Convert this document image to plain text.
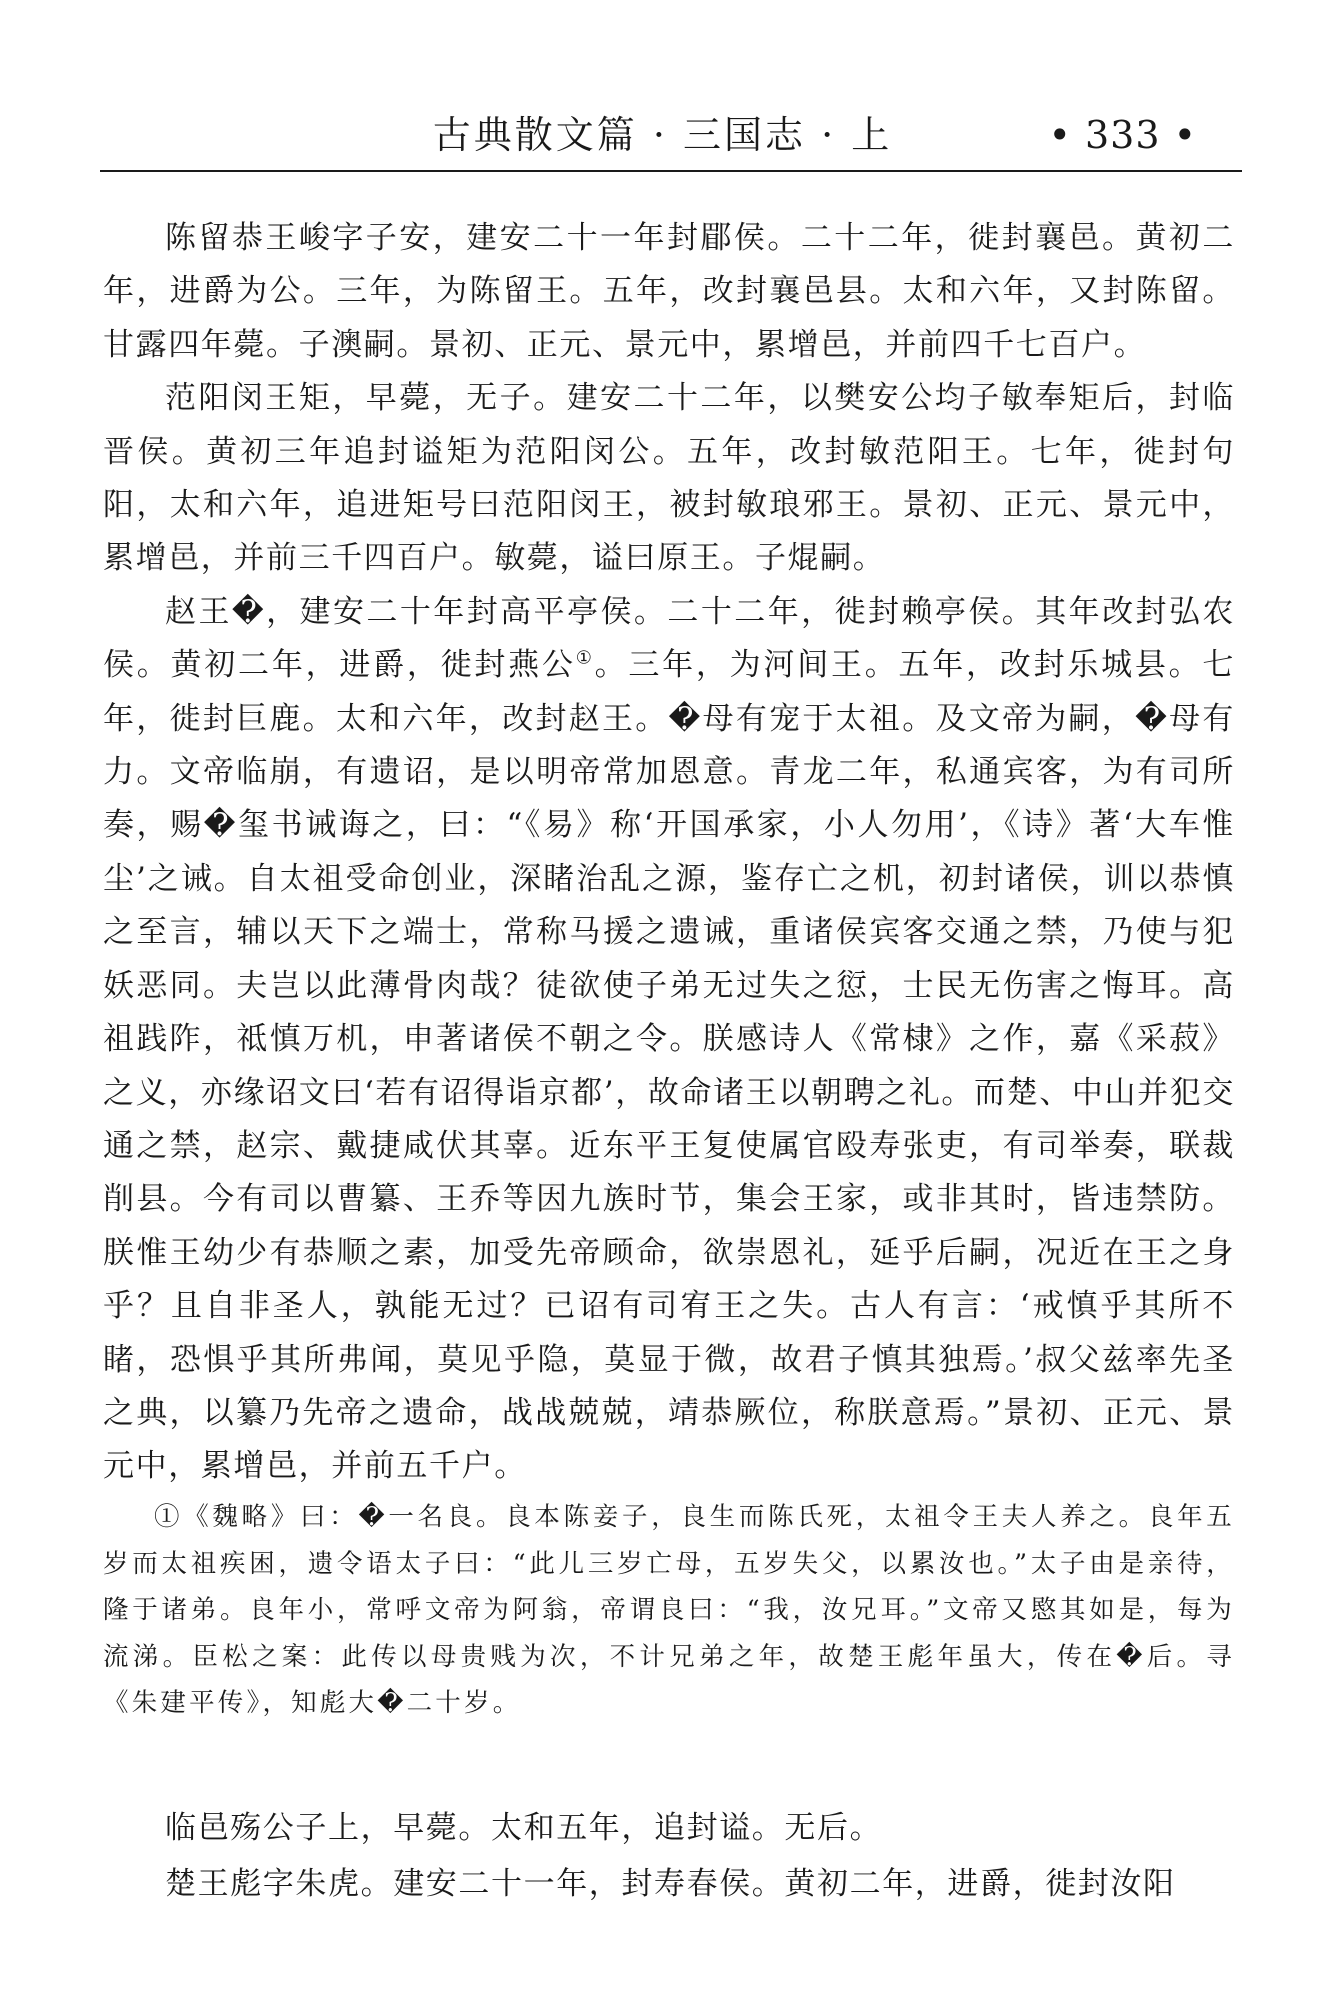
古典散文篇 · 三国志 · 上	• 333 •

陈留恭王峻字子安，建安二十一年封郿侯。二十二年，徙封襄邑。黄初二年，进爵为公。三年，为陈留王。五年，改封襄邑县。太和六年，又封陈留。甘露四年薨。子澳嗣。景初、正元、景元中，累增邑，并前四千七百户。

范阳闵王矩，早薨，无子。建安二十二年，以樊安公均子敏奉矩后，封临晋侯。黄初三年追封谥矩为范阳闵公。五年，改封敏范阳王。七年，徙封句阳，太和六年，追进矩号曰范阳闵王，被封敏琅邪王。景初、正元、景元中，累增邑，并前三千四百户。敏薨，谥曰原王。子焜嗣。

赵王�，建安二十年封高平亭侯。二十二年，徙封赖亭侯。其年改封弘农侯。黄初二年，进爵，徙封燕公①。三年，为河间王。五年，改封乐城县。七年，徙封巨鹿。太和六年，改封赵王。�母有宠于太祖。及文帝为嗣，�母有力。文帝临崩，有遗诏，是以明帝常加恩意。青龙二年，私通宾客，为有司所奏，赐�玺书诫诲之，曰：“《易》称‘开国承家，小人勿用’，《诗》著‘大车惟尘’之诫。自太祖受命创业，深睹治乱之源，鉴存亡之机，初封诸侯，训以恭慎之至言，辅以天下之端士，常称马援之遗诫，重诸侯宾客交通之禁，乃使与犯妖恶同。夫岂以此薄骨肉哉？徒欲使子弟无过失之愆，士民无伤害之悔耳。高祖践阼，祗慎万机，申著诸侯不朝之令。朕感诗人《常棣》之作，嘉《采菽》之义，亦缘诏文曰‘若有诏得诣京都’，故命诸王以朝聘之礼。而楚、中山并犯交通之禁，赵宗、戴捷咸伏其辜。近东平王复使属官殴寿张吏，有司举奏，联裁削县。今有司以曹纂、王乔等因九族时节，集会王家，或非其时，皆违禁防。朕惟王幼少有恭顺之素，加受先帝顾命，欲崇恩礼，延乎后嗣，况近在王之身乎？且自非圣人，孰能无过？已诏有司宥王之失。古人有言：‘戒慎乎其所不睹，恐惧乎其所弗闻，莫见乎隐，莫显于微，故君子慎其独焉。’叔父兹率先圣之典，以纂乃先帝之遗命，战战兢兢，靖恭厥位，称朕意焉。”景初、正元、景元中，累增邑，并前五千户。

①《魏略》曰：�一名良。良本陈妾子，良生而陈氏死，太祖令王夫人养之。良年五岁而太祖疾困，遗令语太子曰：“此儿三岁亡母，五岁失父，以累汝也。”太子由是亲待，隆于诸弟。良年小，常呼文帝为阿翁，帝谓良曰：“我，汝兄耳。”文帝又愍其如是，每为流涕。臣松之案：此传以母贵贱为次，不计兄弟之年，故楚王彪年虽大，传在�后。寻《朱建平传》，知彪大�二十岁。

临邑殇公子上，早薨。太和五年，追封谥。无后。

楚王彪字朱虎。建安二十一年，封寿春侯。黄初二年，进爵，徙封汝阳
